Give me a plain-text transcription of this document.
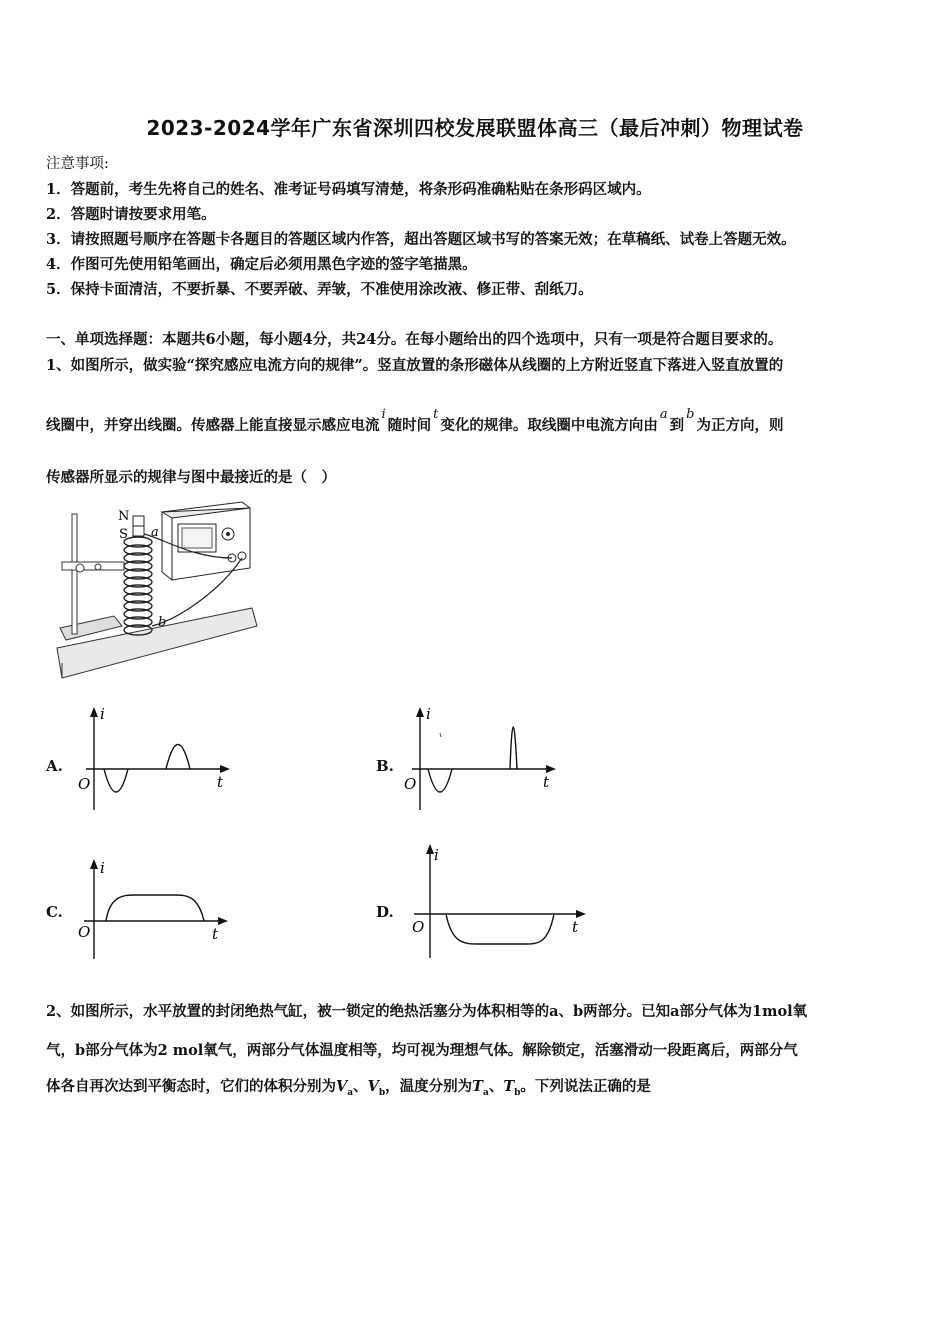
2023-2024学年广东省深圳四校发展联盟体高三（最后冲刺）物理试卷
注意事项:
1．答题前，考生先将自己的姓名、准考证号码填写清楚，将条形码准确粘贴在条形码区域内。
2．答题时请按要求用笔。
3．请按照题号顺序在答题卡各题目的答题区域内作答，超出答题区域书写的答案无效；在草稿纸、试卷上答题无效。
4．作图可先使用铅笔画出，确定后必须用黑色字迹的签字笔描黑。
5．保持卡面清洁，不要折暴、不要弄破、弄皱，不准使用涂改液、修正带、刮纸刀。
一、单项选择题：本题共6小题，每小题4分，共24分。在每小题给出的四个选项中，只有一项是符合题目要求的。
1、如图所示，做实验“探究感应电流方向的规律”。竖直放置的条形磁体从线圈的上方附近竖直下落进入竖直放置的
线圈中，并穿出线圈。传感器上能直接显示感应电流i随时间t变化的规律。取线圈中电流方向由a到b为正方向，则
传感器所显示的规律与图中最接近的是（　）
N
S a
b
A.
i
t
O
B.
i
t
O
C.
i
t
O
D.
i
t
O
2、如图所示，水平放置的封闭绝热气缸，被一锁定的绝热活塞分为体积相等的a、b两部分。已知a部分气体为1mol氧
气，b部分气体为2 mol氧气，两部分气体温度相等，均可视为理想气体。解除锁定，活塞滑动一段距离后，两部分气
体各自再次达到平衡态时，它们的体积分别为$V_a$、$V_b$，温度分别为$T_a$、$T_b$。下列说法正确的是
